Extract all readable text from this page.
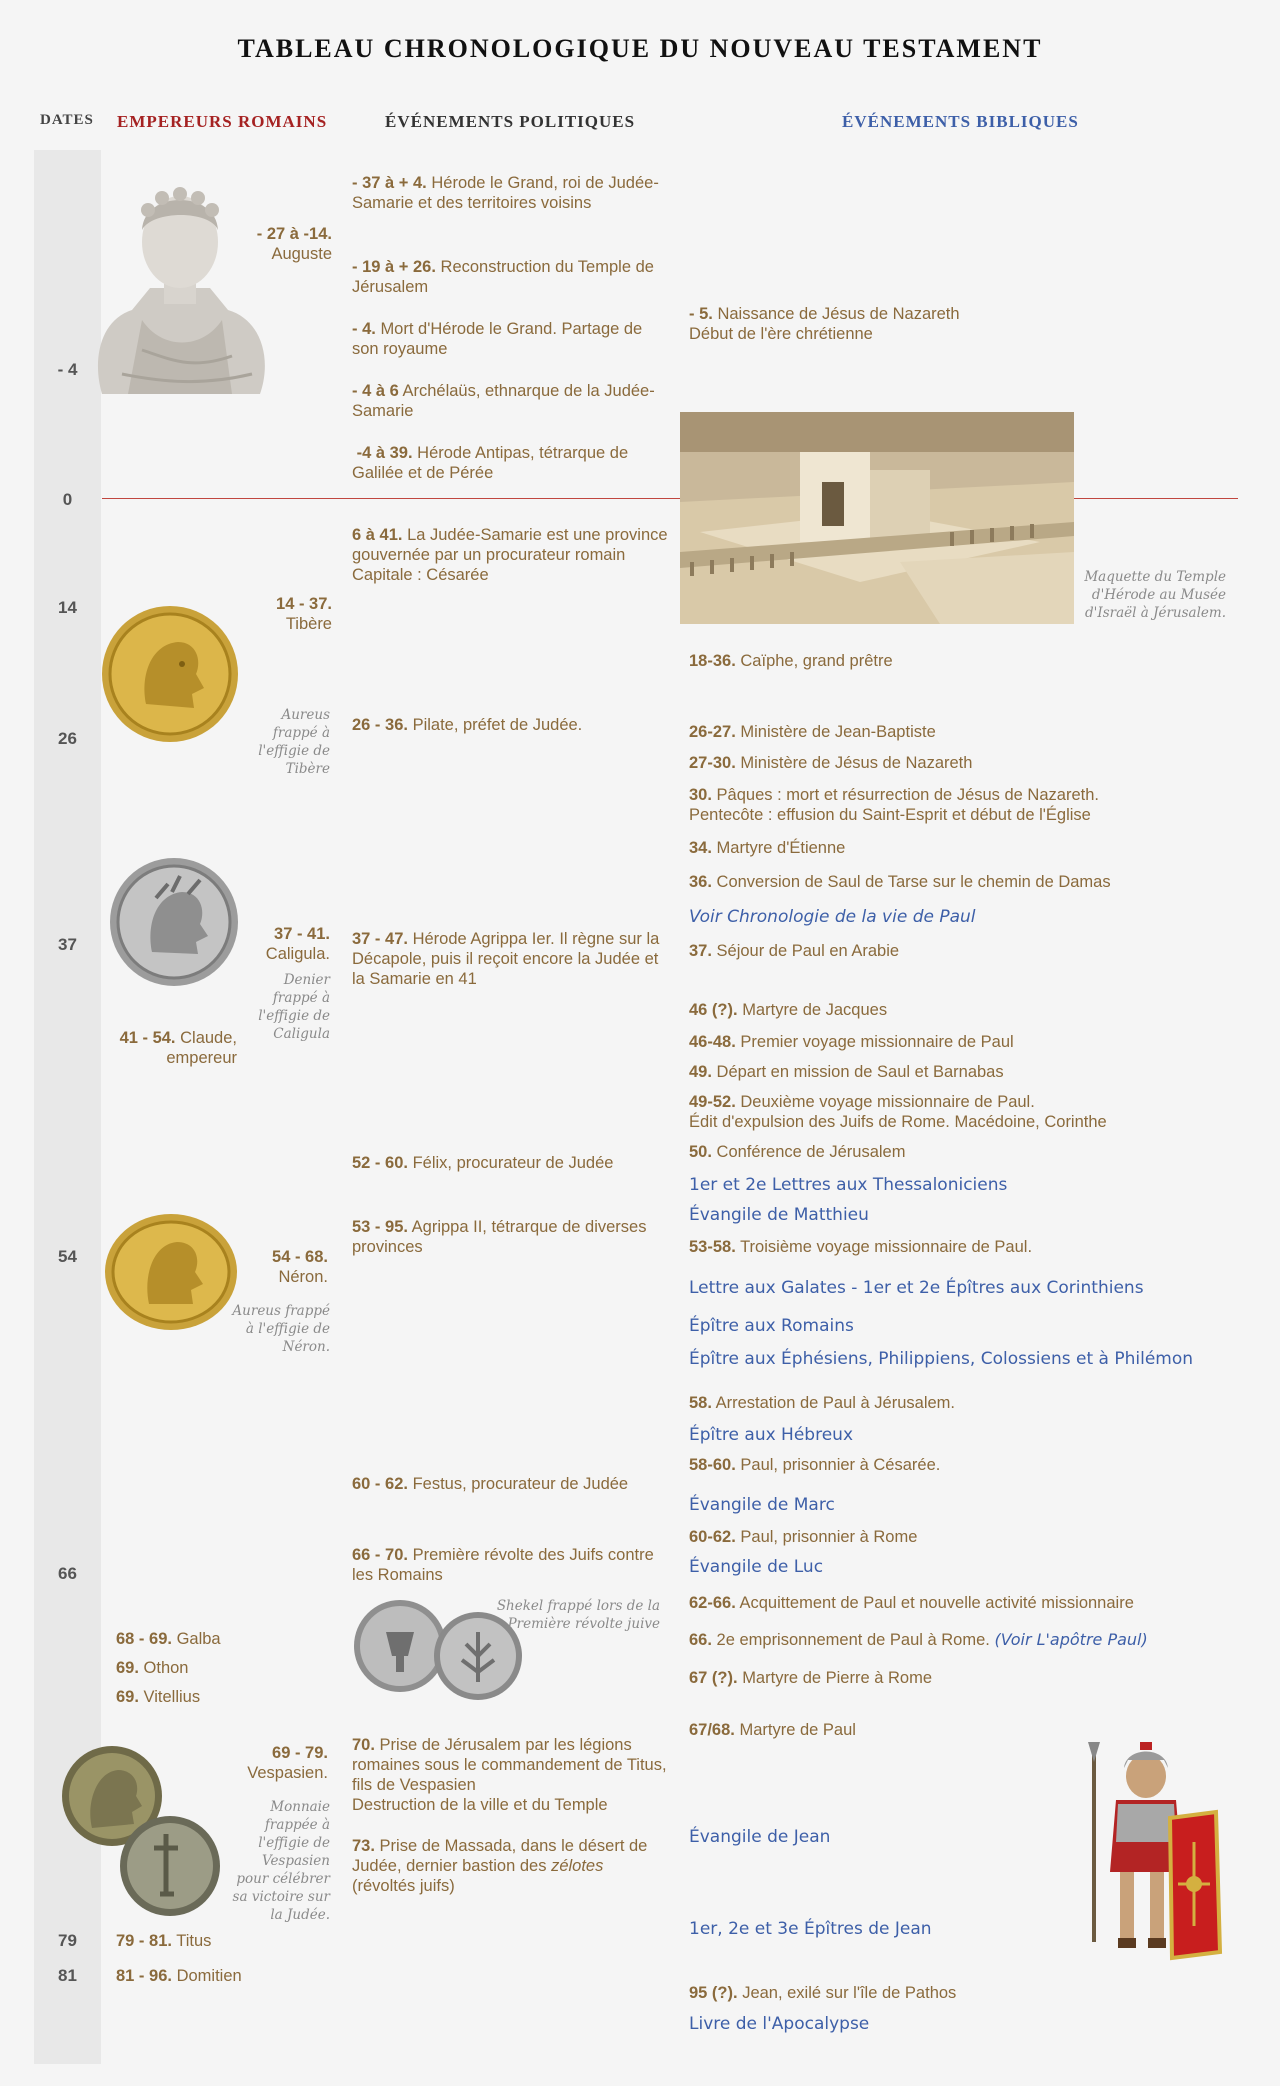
TABLEAU CHRONOLOGIQUE DU NOUVEAU TESTAMENT
DATES EMPEREURS ROMAINS	ÉVÉNEMENTS POLITIQUES	ÉVÉNEMENTS BIBLIQUES
- 4
0
14
26
37
54
66
79
81
- 27 à -14.
Auguste
14 - 37.
Tibère
Aureus frappé à l'effigie de Tibère
37 - 41.
Caligula.
Denier frappé à l'effigie de Caligula
41 - 54. Claude,
empereur
54 - 68.
Néron.
Aureus frappé à l'effigie de Néron.
68 - 69. Galba
69. Othon
69. Vitellius
69 - 79.
Vespasien.
Monnaie frappée à l'effigie de Vespasien pour célébrer sa victoire sur la Judée.
79 - 81. Titus
81 - 96. Domitien
- 37 à + 4. Hérode le Grand, roi de Judée-Samarie et des territoires voisins
- 19 à + 26. Reconstruction du Temple de Jérusalem
- 4. Mort d'Hérode le Grand. Partage de son royaume
- 4 à 6 Archélaüs, ethnarque de la Judée- Samarie
-4 à 39. Hérode Antipas, tétrarque de Galilée et de Pérée
6 à 41. La Judée-Samarie est une province gouvernée par un procurateur romain
Capitale : Césarée
26 - 36. Pilate, préfet de Judée.
37 - 47. Hérode Agrippa Ier. Il règne sur la Décapole, puis il reçoit encore la Judée et la Samarie en 41
52 - 60. Félix, procurateur de Judée
53 - 95. Agrippa II, tétrarque de diverses provinces
60 - 62. Festus, procurateur de Judée
66 - 70. Première révolte des Juifs contre les Romains
Shekel frappé lors de la Première révolte juive
70. Prise de Jérusalem par les légions romaines sous le commandement de Titus, fils de Vespasien
Destruction de la ville et du Temple
73. Prise de Massada, dans le désert de Judée, dernier bastion des zélotes
(révoltés juifs)
Maquette du Temple d'Hérode au Musée d'Israël à Jérusalem.
- 5. Naissance de Jésus de Nazareth
Début de l'ère chrétienne
18-36. Caïphe, grand prêtre
26-27. Ministère de Jean-Baptiste
27-30. Ministère de Jésus de Nazareth
30. Pâques : mort et résurrection de Jésus de Nazareth.
Pentecôte : effusion du Saint-Esprit et début de l'Église
34. Martyre d'Étienne
36. Conversion de Saul de Tarse sur le chemin de Damas
Voir Chronologie de la vie de Paul
37. Séjour de Paul en Arabie
46 (?). Martyre de Jacques
46-48. Premier voyage missionnaire de Paul
49. Départ en mission de Saul et Barnabas
49-52. Deuxième voyage missionnaire de Paul.
Édit d'expulsion des Juifs de Rome. Macédoine, Corinthe
50. Conférence de Jérusalem
1er et 2e Lettres aux Thessaloniciens
Évangile de Matthieu
53-58. Troisième voyage missionnaire de Paul.
Lettre aux Galates - 1er et 2e Épîtres aux Corinthiens
Épître aux Romains
Épître aux Éphésiens, Philippiens, Colossiens et à Philémon
58. Arrestation de Paul à Jérusalem.
Épître aux Hébreux
58-60. Paul, prisonnier à Césarée.
Évangile de Marc
60-62. Paul, prisonnier à Rome
Évangile de Luc
62-66. Acquittement de Paul et nouvelle activité missionnaire
66. 2e emprisonnement de Paul à Rome. (Voir L'apôtre Paul)
67 (?). Martyre de Pierre à Rome
67/68. Martyre de Paul
Évangile de Jean
1er, 2e et 3e Épîtres de Jean
95 (?). Jean, exilé sur l'île de Pathos
Livre de l'Apocalypse
